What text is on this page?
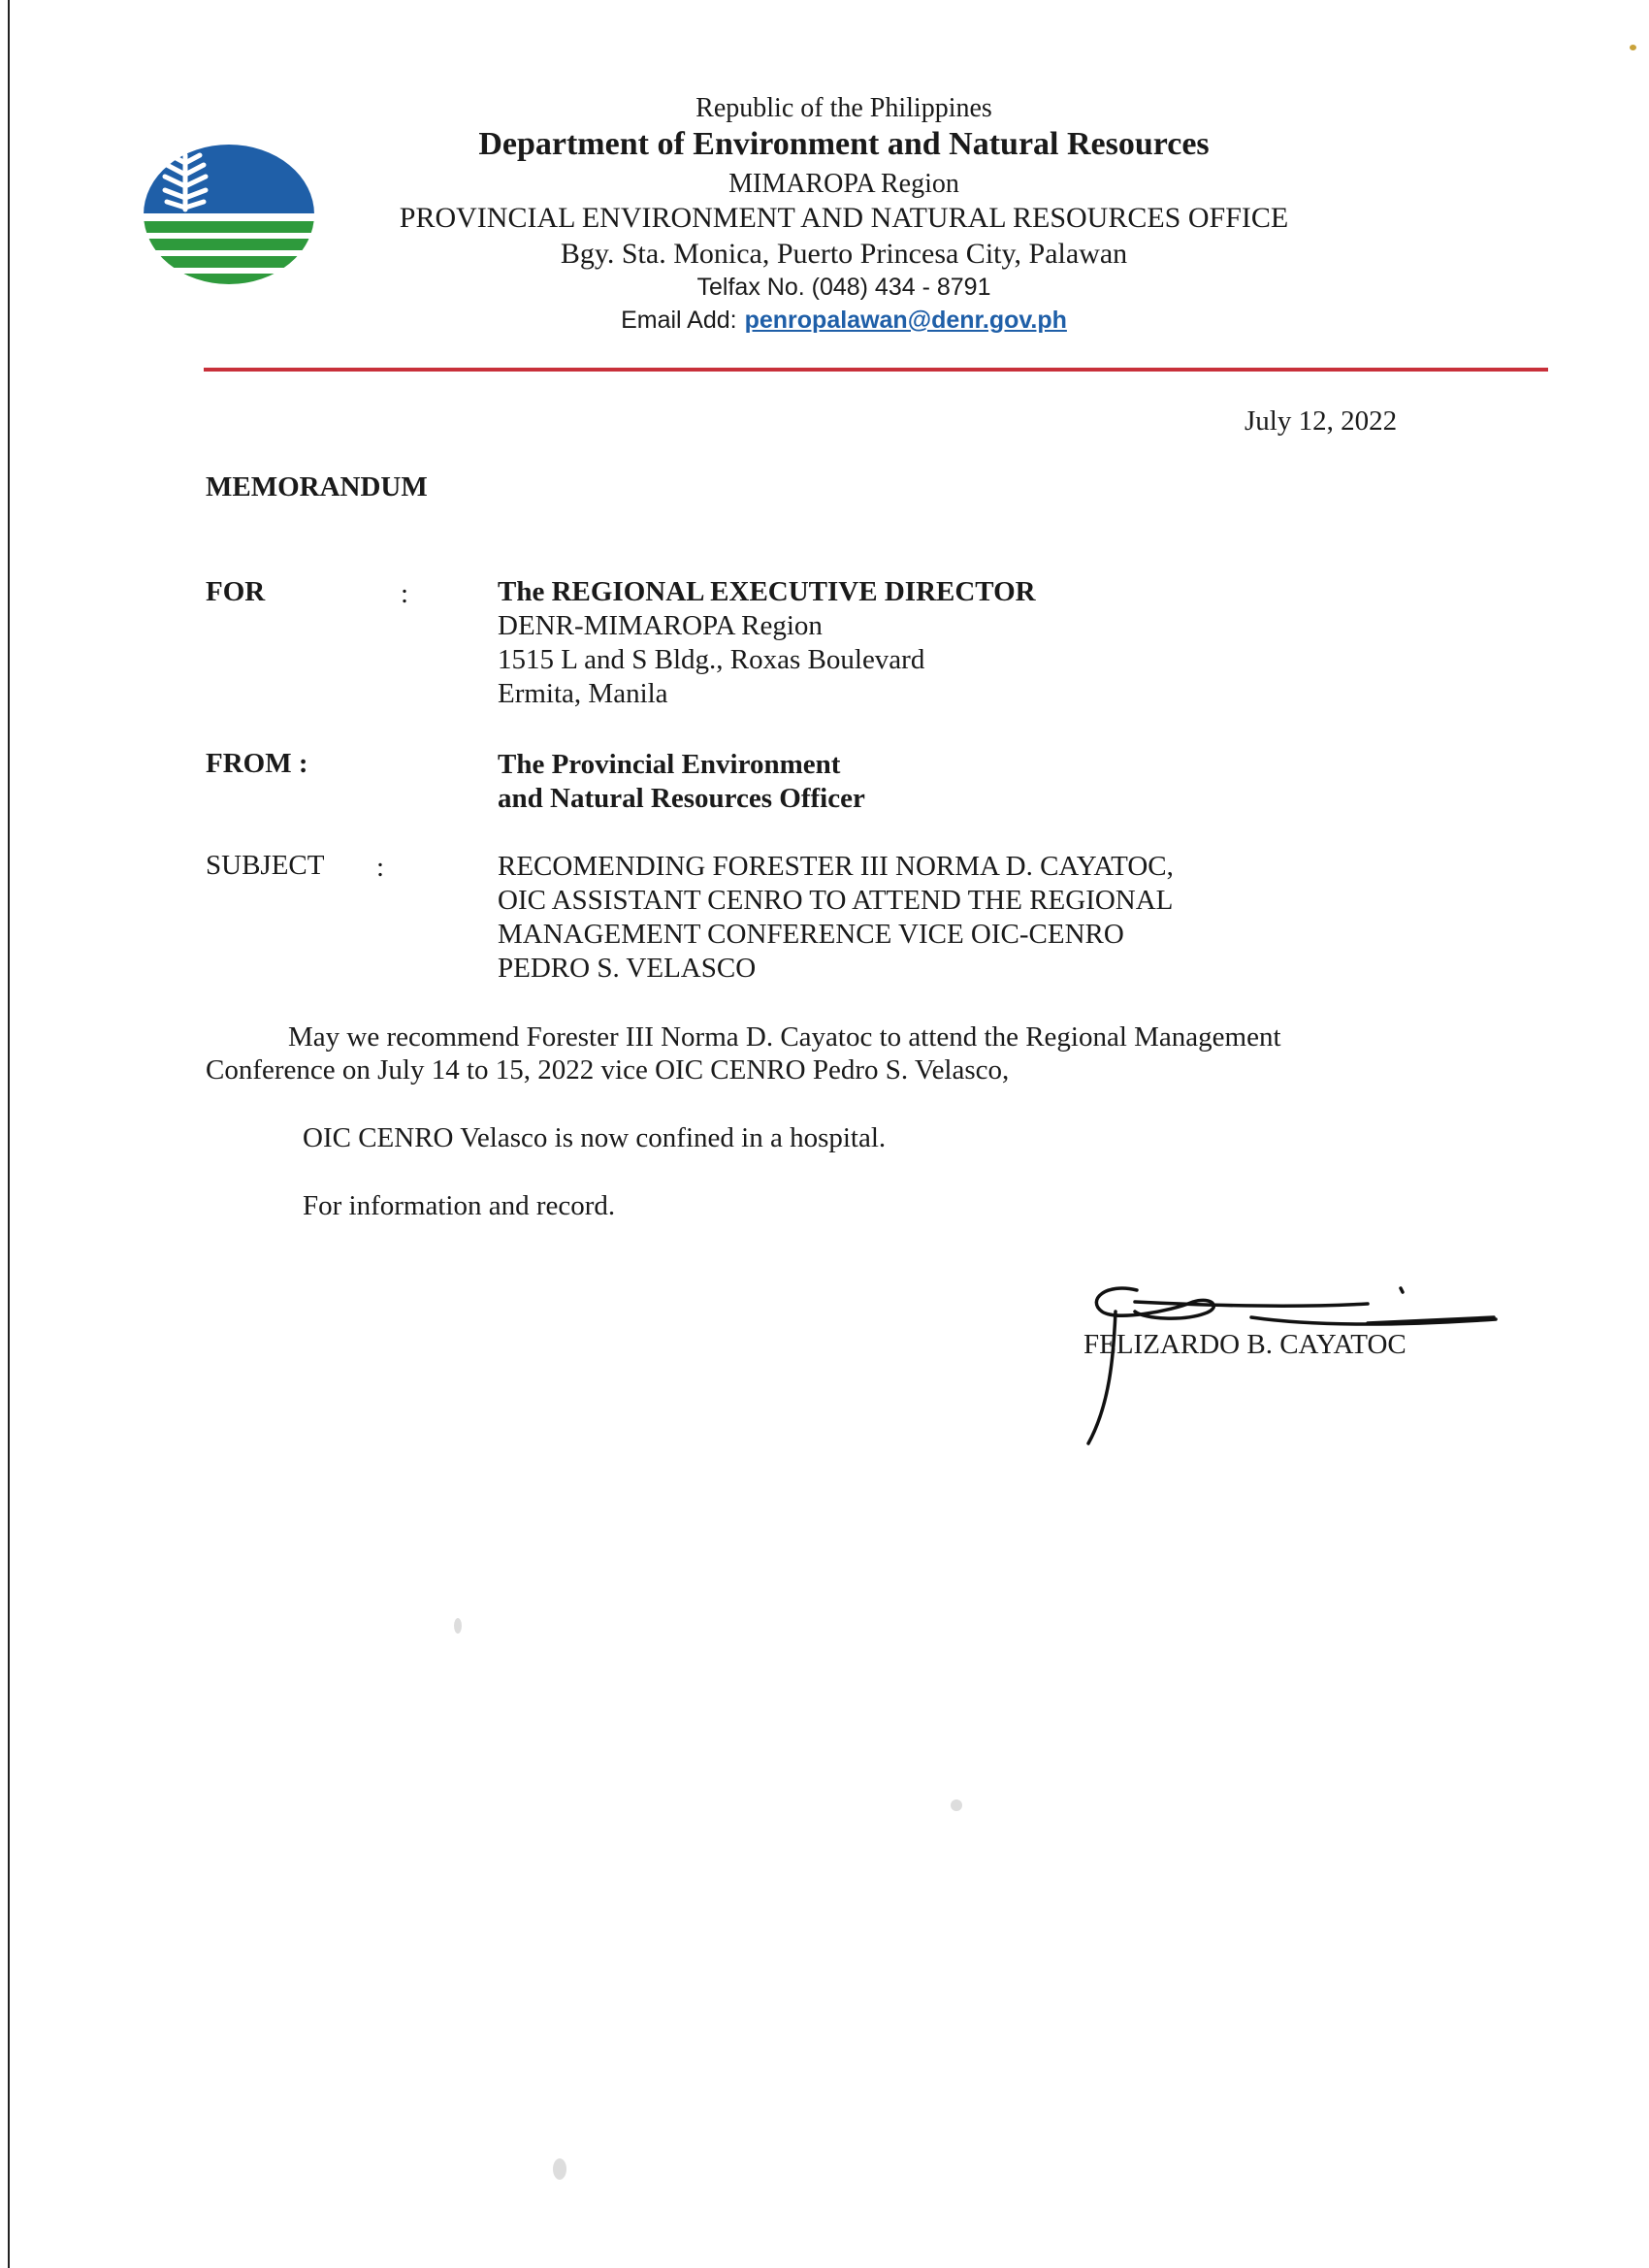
Republic of the Philippines
Department of Environment and Natural Resources
MIMAROPA Region
PROVINCIAL ENVIRONMENT AND NATURAL RESOURCES OFFICE
Bgy. Sta. Monica, Puerto Princesa City, Palawan
Telfax No. (048) 434 - 8791
Email Add: penropalawan@denr.gov.ph
July 12, 2022
MEMORANDUM
FOR	:	The REGIONAL EXECUTIVE DIRECTOR
DENR-MIMAROPA Region
1515 L and S Bldg., Roxas Boulevard
Ermita, Manila
FROM :	The Provincial Environment
and Natural Resources Officer
SUBJECT :	RECOMENDING FORESTER III NORMA D. CAYATOC,
OIC ASSISTANT CENRO TO ATTEND THE REGIONAL
MANAGEMENT CONFERENCE VICE OIC-CENRO
PEDRO S. VELASCO
May we recommend Forester III Norma D. Cayatoc to attend the Regional Management
Conference on July 14 to 15, 2022 vice OIC CENRO Pedro S. Velasco,
OIC CENRO Velasco is now confined in a hospital.
For information and record.
FELIZARDO B. CAYATOC
